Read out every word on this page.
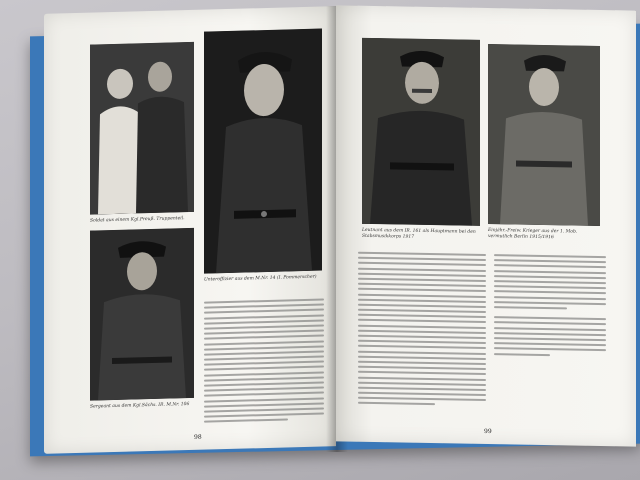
Soldat aus einem Kgl.Preuß. Truppenteil.
Unteroffizier aus dem M.Nr. 14 (I. Pommerscher)
Sergeant aus dem Kgl.Sächs. IR. M.Nr. 106
98
Leutnant aus dem IR. 161 als Hauptmann bei den Stabsmusikkorps 1917
Einjähr.-Freiw. Krieger aus der 1. Mob. vermutlich Berlin 1915/1916
99
